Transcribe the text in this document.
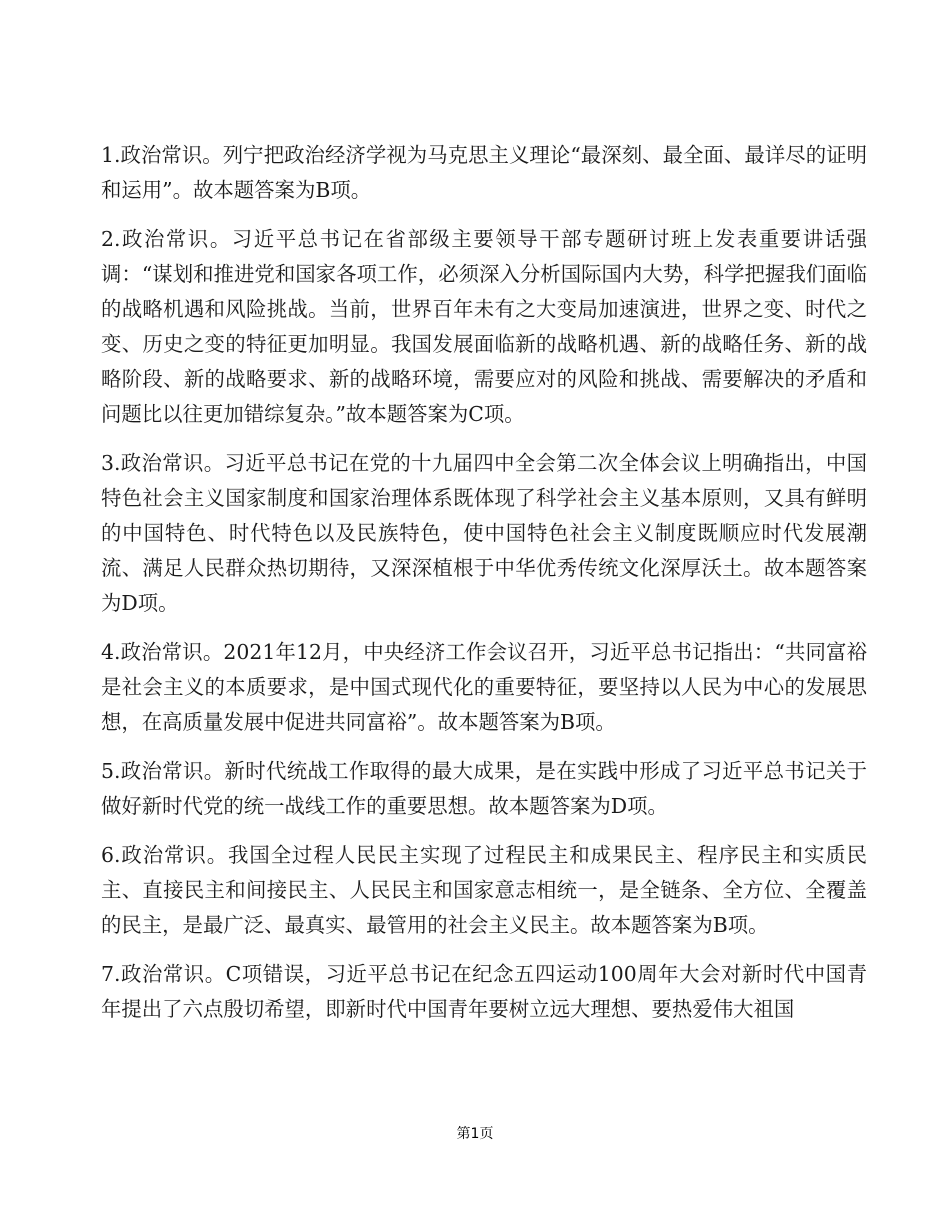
1.政治常识。列宁把政治经济学视为马克思主义理论“最深刻、最全面、最详尽的证明和运用”。故本题答案为B项。

2.政治常识。习近平总书记在省部级主要领导干部专题研讨班上发表重要讲话强调：“谋划和推进党和国家各项工作，必须深入分析国际国内大势，科学把握我们面临的战略机遇和风险挑战。当前，世界百年未有之大变局加速演进，世界之变、时代之变、历史之变的特征更加明显。我国发展面临新的战略机遇、新的战略任务、新的战略阶段、新的战略要求、新的战略环境，需要应对的风险和挑战、需要解决的矛盾和问题比以往更加错综复杂。”故本题答案为C项。

3.政治常识。习近平总书记在党的十九届四中全会第二次全体会议上明确指出，中国特色社会主义国家制度和国家治理体系既体现了科学社会主义基本原则，又具有鲜明的中国特色、时代特色以及民族特色，使中国特色社会主义制度既顺应时代发展潮流、满足人民群众热切期待，又深深植根于中华优秀传统文化深厚沃土。故本题答案为D项。

4.政治常识。2021年12月，中央经济工作会议召开，习近平总书记指出：“共同富裕是社会主义的本质要求，是中国式现代化的重要特征，要坚持以人民为中心的发展思想，在高质量发展中促进共同富裕”。故本题答案为B项。

5.政治常识。新时代统战工作取得的最大成果，是在实践中形成了习近平总书记关于做好新时代党的统一战线工作的重要思想。故本题答案为D项。

6.政治常识。我国全过程人民民主实现了过程民主和成果民主、程序民主和实质民主、直接民主和间接民主、人民民主和国家意志相统一，是全链条、全方位、全覆盖的民主，是最广泛、最真实、最管用的社会主义民主。故本题答案为B项。

7.政治常识。C项错误，习近平总书记在纪念五四运动100周年大会对新时代中国青年提出了六点殷切希望，即新时代中国青年要树立远大理想、要热爱伟大祖国

第1页
